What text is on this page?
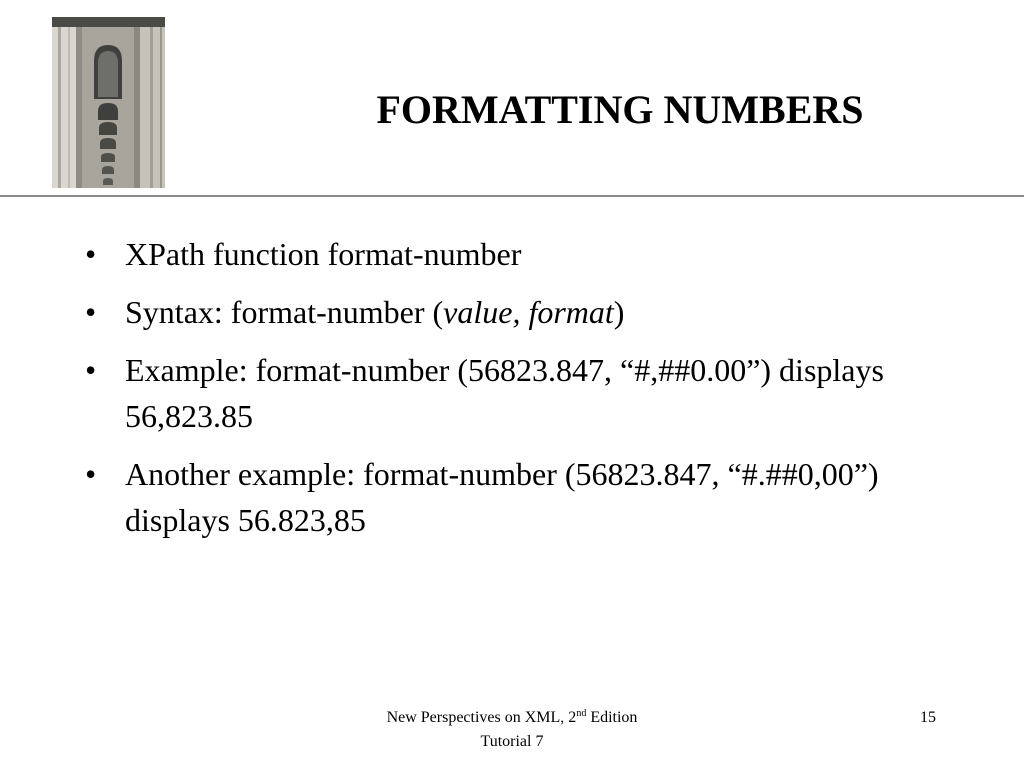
FORMATTING NUMBERS
• XPath function format-number
• Syntax: format-number (value, format)
• Example: format-number (56823.847, “#,##0.00”) displays 56,823.85
• Another example: format-number (56823.847, “#.##0,00”) displays 56.823,85
New Perspectives on XML, 2nd Edition
Tutorial 7
15
